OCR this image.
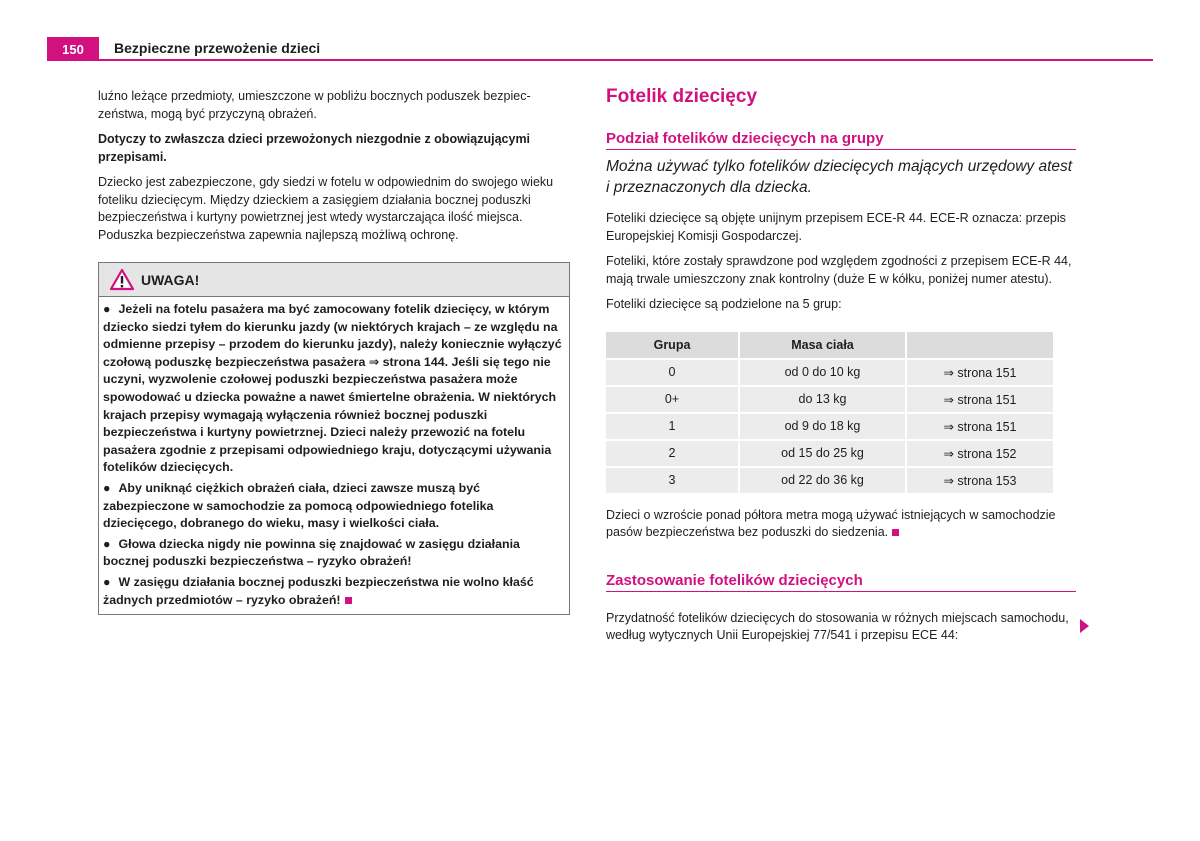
150	Bezpieczne przewożenie dzieci

luźno leżące przedmioty, umieszczone w pobliżu bocznych poduszek bezpiec-
zeństwa, mogą być przyczyną obrażeń.

Dotyczy to zwłaszcza dzieci przewożonych niezgodnie z obowiązującymi przepisami.

Dziecko jest zabezpieczone, gdy siedzi w fotelu w odpowiednim do swojego wieku foteliku dziecięcym. Między dzieckiem a zasięgiem działania bocznej poduszki bezpieczeństwa i kurtyny powietrznej jest wtedy wystarczająca ilość miejsca. Poduszka bezpieczeństwa zapewnia najlepszą możliwą ochronę.

UWAGA!

● Jeżeli na fotelu pasażera ma być zamocowany fotelik dziecięcy, w którym dziecko siedzi tyłem do kierunku jazdy (w niektórych krajach – ze względu na odmienne przepisy – przodem do kierunku jazdy), należy koniecznie wyłączyć czołową poduszkę bezpieczeństwa pasażera ⇒ strona 144. Jeśli się tego nie uczyni, wyzwolenie czołowej poduszki bezpieczeństwa pasażera może spowodować u dziecka poważne a nawet śmiertelne obrażenia. W niektórych krajach przepisy wymagają wyłączenia również bocznej poduszki bezpieczeństwa i kurtyny powietrznej. Dzieci należy przewozić na fotelu pasażera zgodnie z przepisami odpowiedniego kraju, dotyczącymi używania fotelików dziecięcych.

● Aby uniknąć ciężkich obrażeń ciała, dzieci zawsze muszą być zabezpieczone w samochodzie za pomocą odpowiedniego fotelika dziecięcego, dobranego do wieku, masy i wielkości ciała.

● Głowa dziecka nigdy nie powinna się znajdować w zasięgu działania bocznej poduszki bezpieczeństwa – ryzyko obrażeń!

● W zasięgu działania bocznej poduszki bezpieczeństwa nie wolno kłaść żadnych przedmiotów – ryzyko obrażeń!

Fotelik dziecięcy
Podział fotelików dziecięcych na grupy

Można używać tylko fotelików dziecięcych mających urzędowy atest i przeznaczonych dla dziecka.

Foteliki dziecięce są objęte unijnym przepisem ECE-R 44. ECE-R oznacza: przepis Europejskiej Komisji Gospodarczej.

Foteliki, które zostały sprawdzone pod względem zgodności z przepisem ECE-R 44, mają trwale umieszczony znak kontrolny (duże E w kółku, poniżej numer atestu).

Foteliki dziecięce są podzielone na 5 grup:

Grupa	Masa ciała	
0	od 0 do 10 kg	⇒ strona 151
0+	do 13 kg	⇒ strona 151
1	od 9 do 18 kg	⇒ strona 151
2	od 15 do 25 kg	⇒ strona 152
3	od 22 do 36 kg	⇒ strona 153

Dzieci o wzroście ponad półtora metra mogą używać istniejących w samochodzie pasów bezpieczeństwa bez poduszki do siedzenia.

Zastosowanie fotelików dziecięcych

Przydatność fotelików dziecięcych do stosowania w różnych miejscach samochodu, według wytycznych Unii Europejskiej 77/541 i przepisu ECE 44:
